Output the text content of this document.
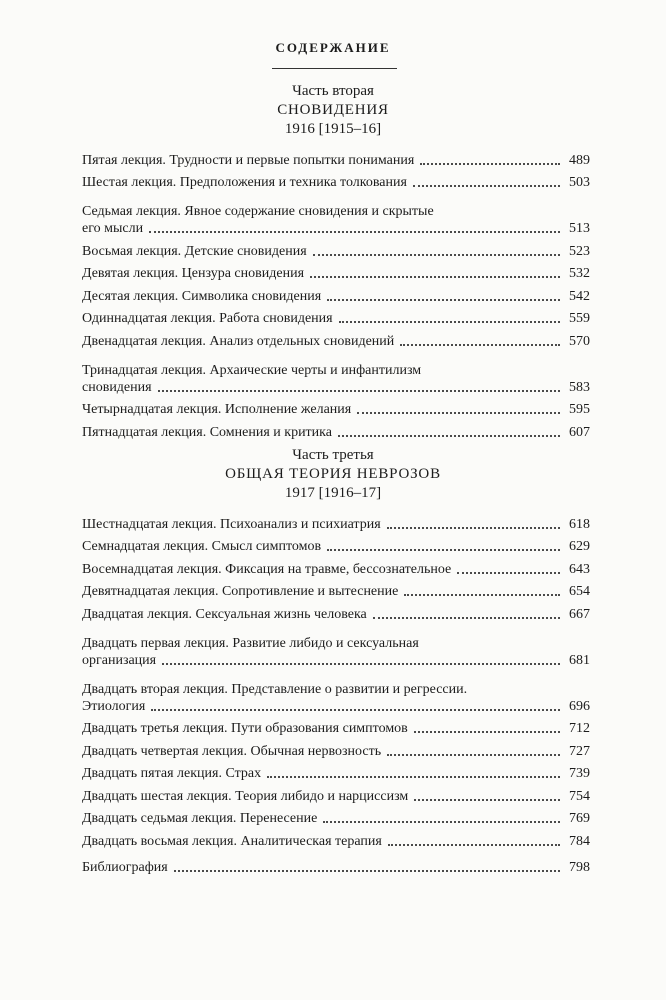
СОДЕРЖАНИЕ
Часть вторая
СНОВИДЕНИЯ
1916 [1915–16]
Пятая лекция. Трудности и первые попытки понимания	489
Шестая лекция. Предположения и техника толкования	503
Седьмая лекция. Явное содержание сновидения и скрытые
его мысли	513
Восьмая лекция. Детские сновидения	523
Девятая лекция. Цензура сновидения	532
Десятая лекция. Символика сновидения	542
Одиннадцатая лекция. Работа сновидения	559
Двенадцатая лекция. Анализ отдельных сновидений	570
Тринадцатая лекция. Архаические черты и инфантилизм
сновидения	583
Четырнадцатая лекция. Исполнение желания	595
Пятнадцатая лекция. Сомнения и критика	607
Часть третья
ОБЩАЯ ТЕОРИЯ НЕВРОЗОВ
1917 [1916–17]
Шестнадцатая лекция. Психоанализ и психиатрия	618
Семнадцатая лекция. Смысл симптомов	629
Восемнадцатая лекция. Фиксация на травме, бессознательное	643
Девятнадцатая лекция. Сопротивление и вытеснение	654
Двадцатая лекция. Сексуальная жизнь человека	667
Двадцать первая лекция. Развитие либидо и сексуальная
организация	681
Двадцать вторая лекция. Представление о развитии и регрессии.
Этиология	696
Двадцать третья лекция. Пути образования симптомов	712
Двадцать четвертая лекция. Обычная нервозность	727
Двадцать пятая лекция. Страх	739
Двадцать шестая лекция. Теория либидо и нарциссизм	754
Двадцать седьмая лекция. Перенесение	769
Двадцать восьмая лекция. Аналитическая терапия	784
Библиография	798
